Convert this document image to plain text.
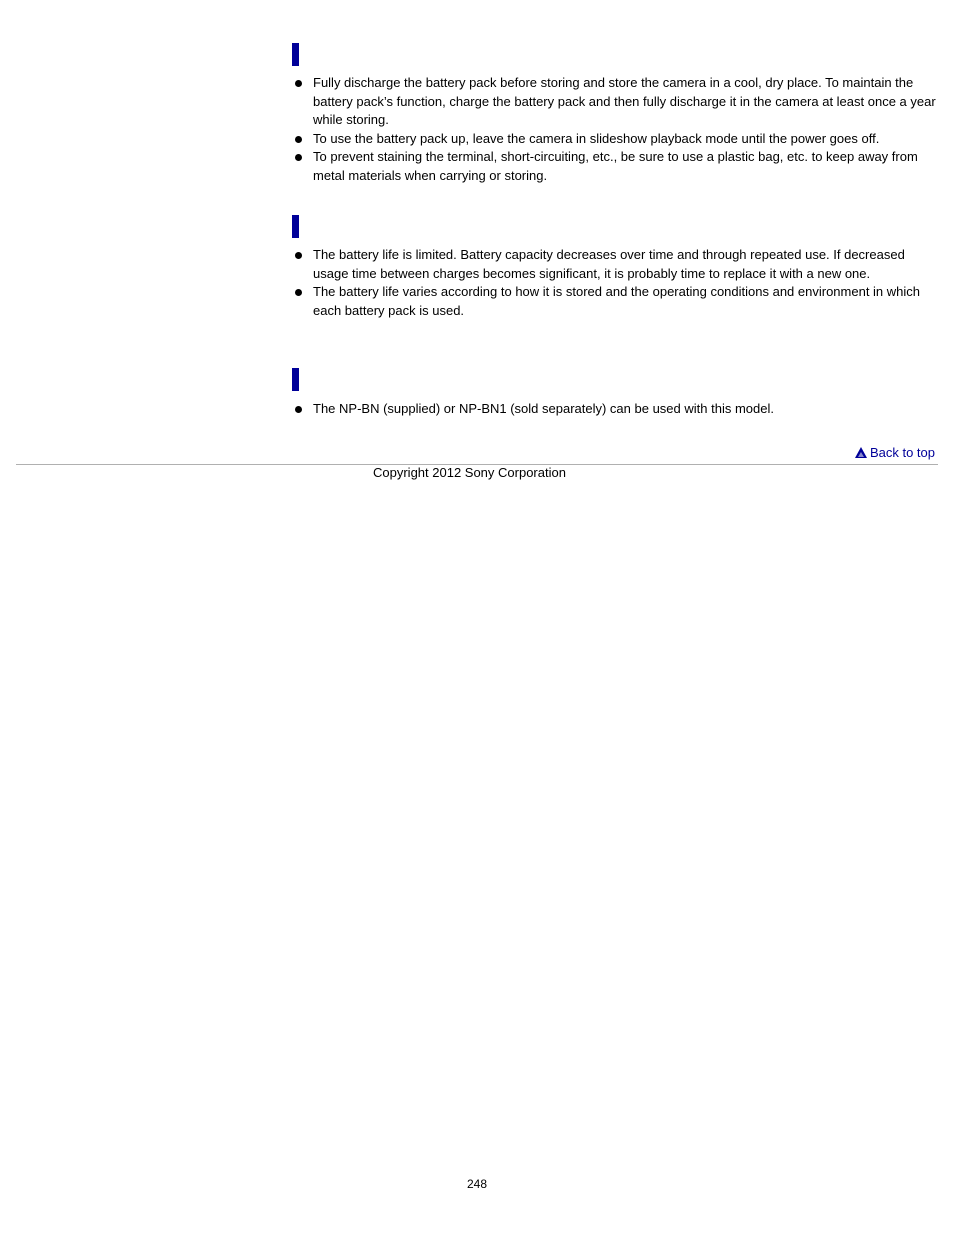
Fully discharge the battery pack before storing and store the camera in a cool, dry place. To maintain the battery pack’s function, charge the battery pack and then fully discharge it in the camera at least once a year while storing.
To use the battery pack up, leave the camera in slideshow playback mode until the power goes off.
To prevent staining the terminal, short-circuiting, etc., be sure to use a plastic bag, etc. to keep away from metal materials when carrying or storing.
The battery life is limited. Battery capacity decreases over time and through repeated use. If decreased usage time between charges becomes significant, it is probably time to replace it with a new one.
The battery life varies according to how it is stored and the operating conditions and environment in which each battery pack is used.
The NP-BN (supplied) or NP-BN1 (sold separately) can be used with this model.
Back to top
Copyright 2012 Sony Corporation
248
